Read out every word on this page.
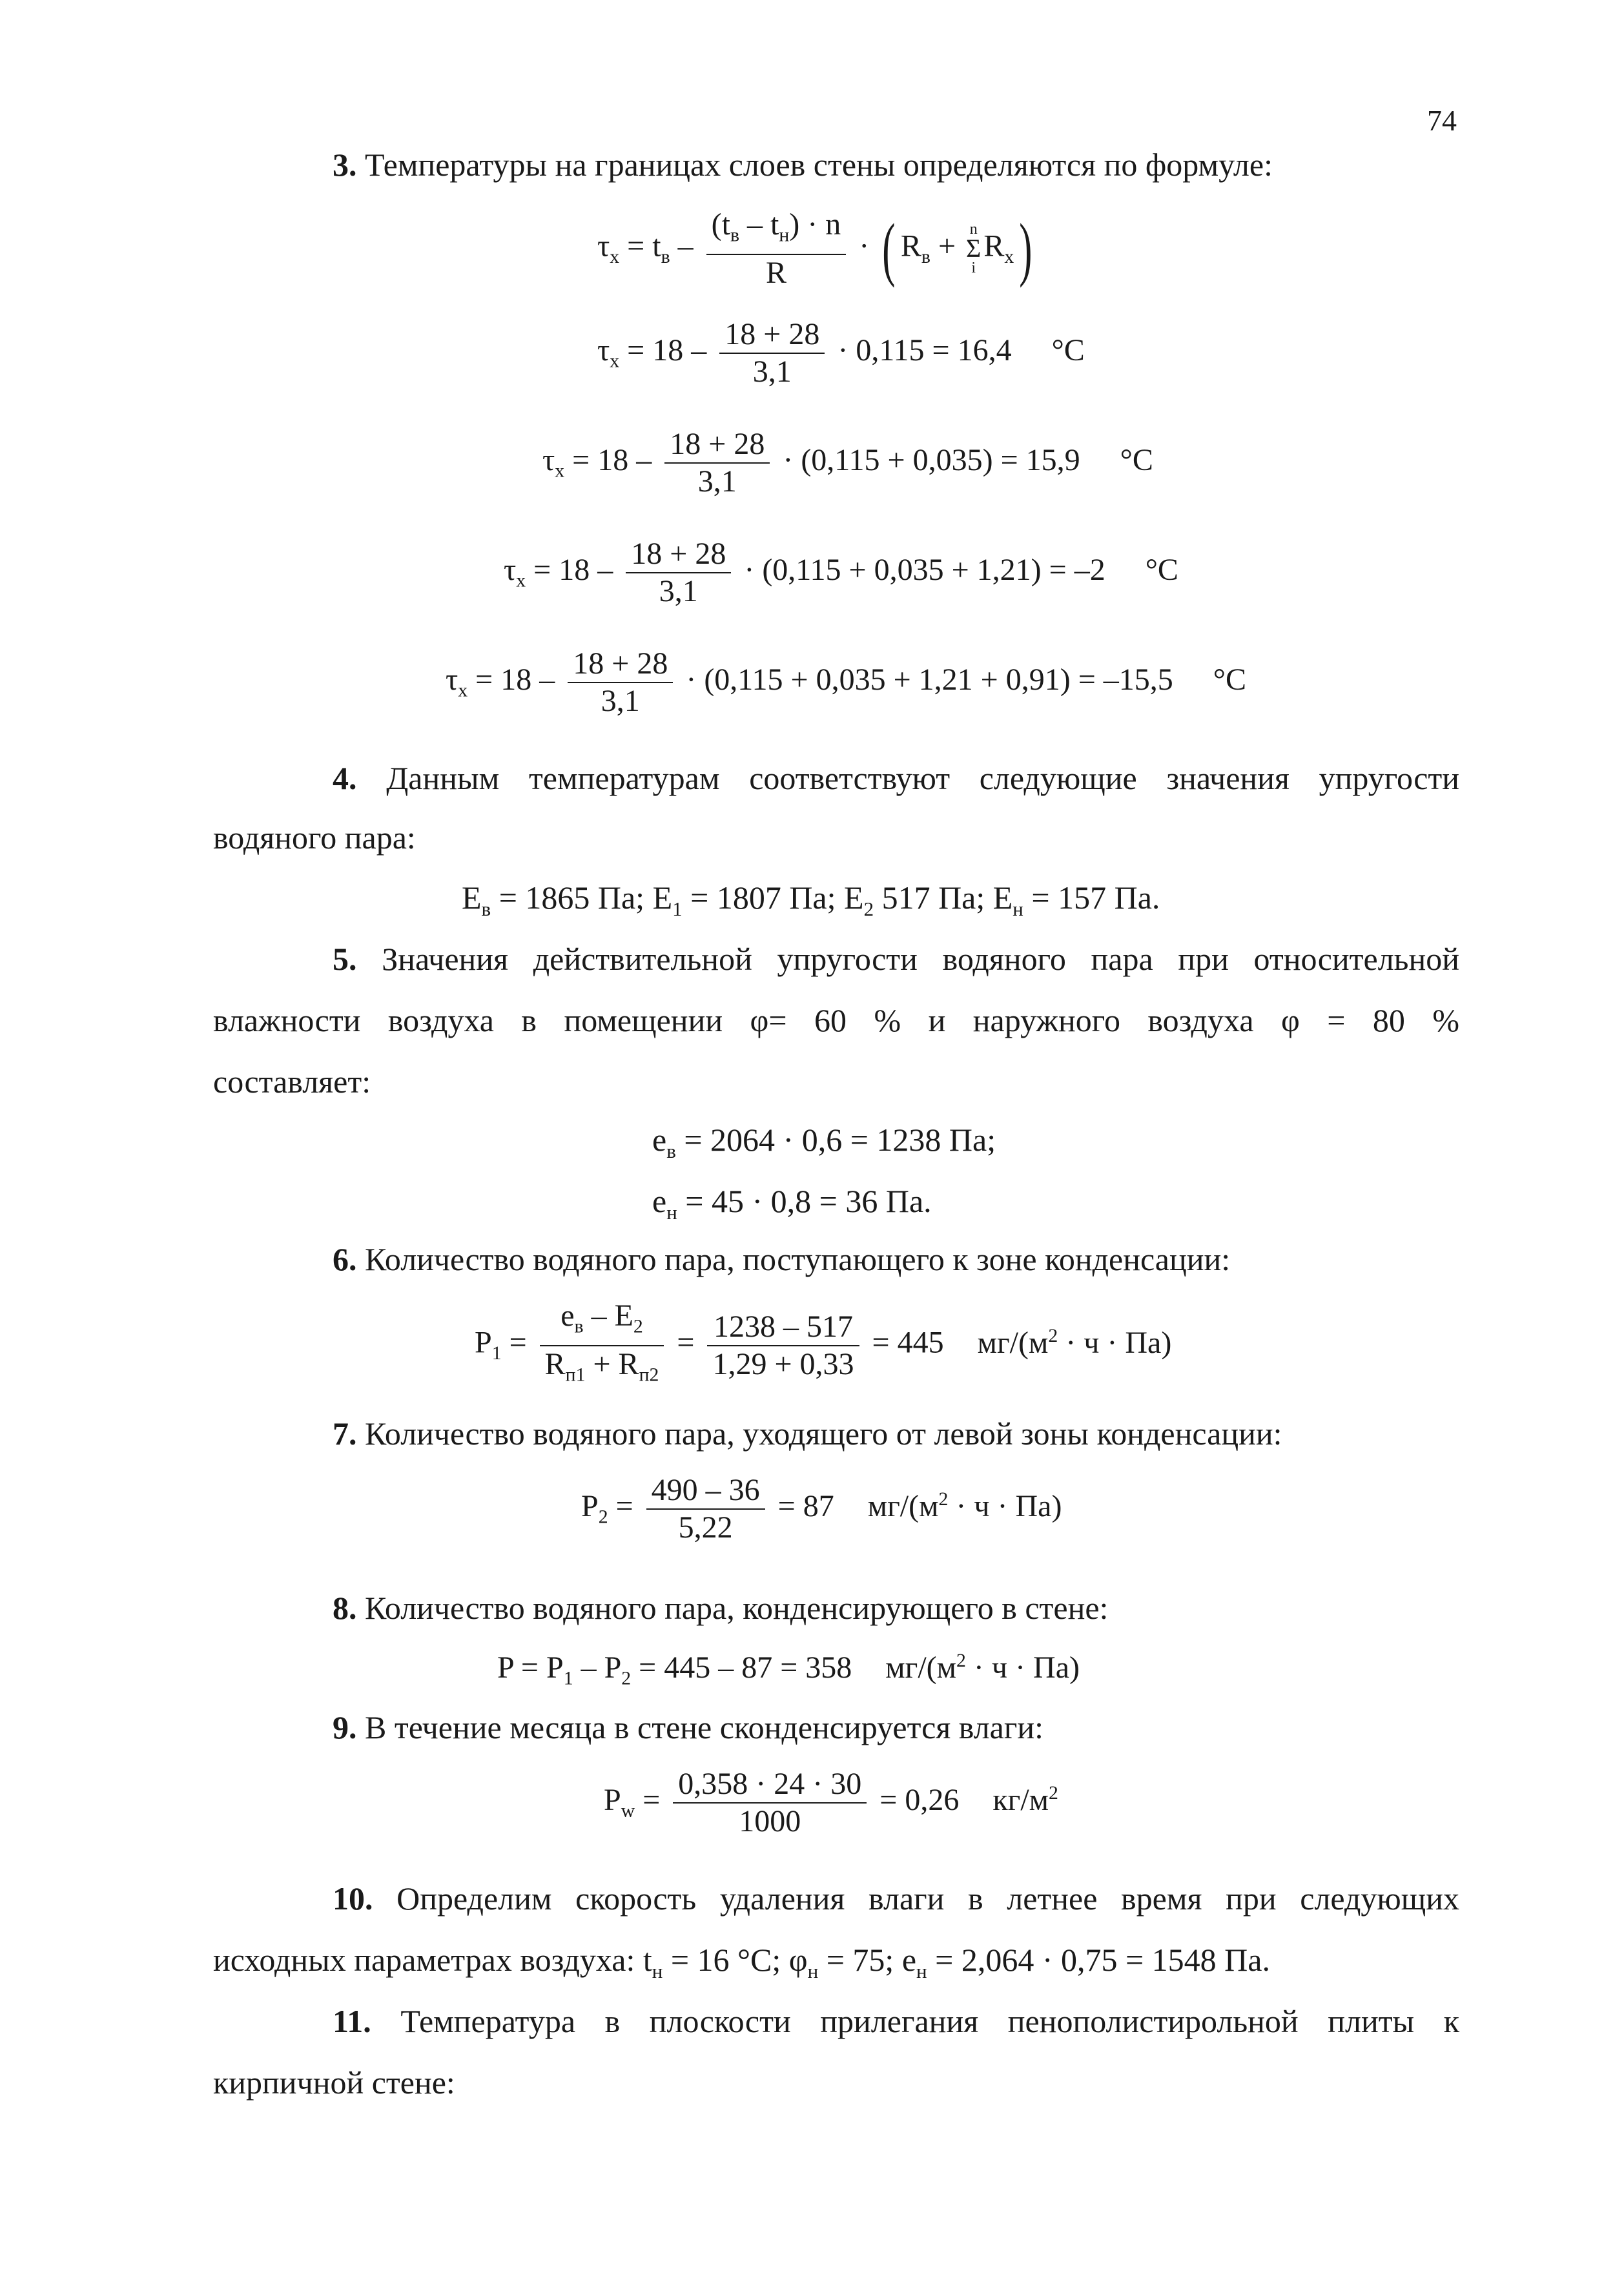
74
3. Температуры на границах слоев стены определяются по формуле:
$\tau_x = t_в - \frac{(t_в - t_н) \cdot n}{R}$ · ( $R_в + n$
Σ
i
$R_x$)
$\tau_x = 18 - \frac{18 + 28}{3,1} \cdot 0,115 = 16,4$ °C
$\tau_x = 18 - \frac{18 + 28}{3,1} \cdot (0,115 + 0,035) = 15,9$ °C
$\tau_x = 18 - \frac{18 + 28}{3,1} \cdot (0,115 + 0,035 + 1,21) = -2$ °C
$\tau_x = 18 - \frac{18 + 28}{3,1} \cdot (0,115 + 0,035 + 1,21 + 0,91) = -15,5$ °C
4. Данным температурам соответствуют следующие значения упругости
водяного пара:
$E_в = 1865$ Па; $E_1 = 1807$ Па; $E_2$ 517 Па; $E_н = 157$ Па.
5. Значения действительной упругости водяного пара при относительной
влажности воздуха в помещении φ= 60 % и наружного воздуха φ = 80 %
составляет:
$e_в = 2064 \cdot 0,6 = 1238$ Па;
$e_н = 45 \cdot 0,8 = 36$ Па.
6. Количество водяного пара, поступающего к зоне конденсации:
$P_1 = \frac{e_в - E_2}{R_{п1} + R_{п2}} = \frac{1238 - 517}{1,29 + 0,33} = 445$ $мг/(м^2 \cdot ч \cdot Па)$
7. Количество водяного пара, уходящего от левой зоны конденсации:
$P_2 = \frac{490 - 36}{5,22} = 87$ $мг/(м^2 \cdot ч \cdot Па)$
8. Количество водяного пара, конденсирующего в стене:
$P = P_1 - P_2 = 445 - 87 = 358$ $мг/(м^2 \cdot ч \cdot Па)$
9. В течение месяца в стене сконденсируется влаги:
$P_w = \frac{0,358 \cdot 24 \cdot 30}{1000} = 0,26$ $кг/м^2$
10. Определим скорость удаления влаги в летнее время при следующих
исходных параметрах воздуха: $t_н = 16$ °C; $\varphi_н = 75$; $e_н = 2,064 \cdot 0,75 = 1548$ Па.
11. Температура в плоскости прилегания пенополистирольной плиты к
кирпичной стене:
